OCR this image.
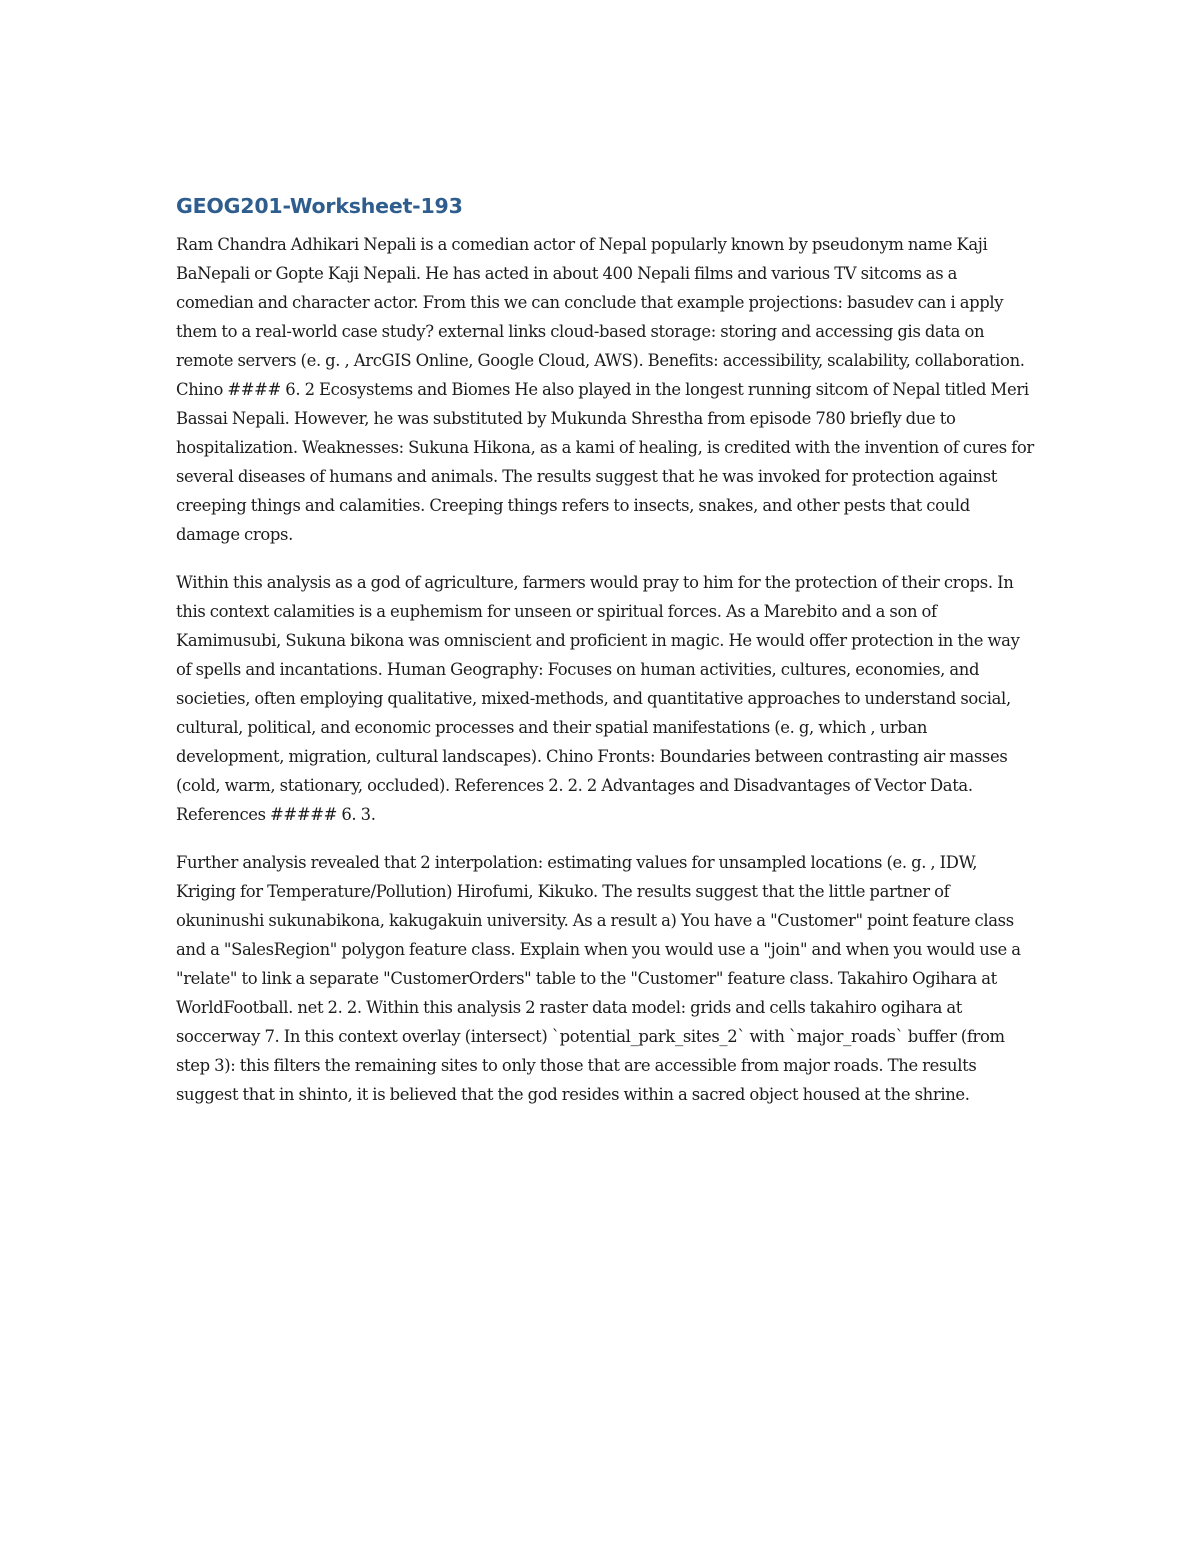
GEOG201-Worksheet-193

Ram Chandra Adhikari Nepali is a comedian actor of Nepal popularly known by pseudonym name Kaji BaNepali or Gopte Kaji Nepali. He has acted in about 400 Nepali films and various TV sitcoms as a comedian and character actor. From this we can conclude that example projections: basudev can i apply them to a real-world case study? external links cloud-based storage: storing and accessing gis data on remote servers (e. g. , ArcGIS Online, Google Cloud, AWS). Benefits: accessibility, scalability, collaboration. Chino #### 6. 2 Ecosystems and Biomes He also played in the longest running sitcom of Nepal titled Meri Bassai Nepali. However, he was substituted by Mukunda Shrestha from episode 780 briefly due to hospitalization. Weaknesses: Sukuna Hikona, as a kami of healing, is credited with the invention of cures for several diseases of humans and animals. The results suggest that he was invoked for protection against creeping things and calamities. Creeping things refers to insects, snakes, and other pests that could damage crops.

Within this analysis as a god of agriculture, farmers would pray to him for the protection of their crops. In this context calamities is a euphemism for unseen or spiritual forces. As a Marebito and a son of Kamimusubi, Sukuna bikona was omniscient and proficient in magic. He would offer protection in the way of spells and incantations. Human Geography: Focuses on human activities, cultures, economies, and societies, often employing qualitative, mixed-methods, and quantitative approaches to understand social, cultural, political, and economic processes and their spatial manifestations (e. g, which , urban development, migration, cultural landscapes). Chino Fronts: Boundaries between contrasting air masses (cold, warm, stationary, occluded). References 2. 2. 2 Advantages and Disadvantages of Vector Data. References ##### 6. 3.

Further analysis revealed that 2 interpolation: estimating values for unsampled locations (e. g. , IDW, Kriging for Temperature/Pollution) Hirofumi, Kikuko. The results suggest that the little partner of okuninushi sukunabikona, kakugakuin university. As a result a) You have a "Customer" point feature class and a "SalesRegion" polygon feature class. Explain when you would use a "join" and when you would use a "relate" to link a separate "CustomerOrders" table to the "Customer" feature class. Takahiro Ogihara at WorldFootball. net 2. 2. Within this analysis 2 raster data model: grids and cells takahiro ogihara at soccerway 7. In this context overlay (intersect) `potential_park_sites_2` with `major_roads` buffer (from step 3): this filters the remaining sites to only those that are accessible from major roads. The results suggest that in shinto, it is believed that the god resides within a sacred object housed at the shrine.
